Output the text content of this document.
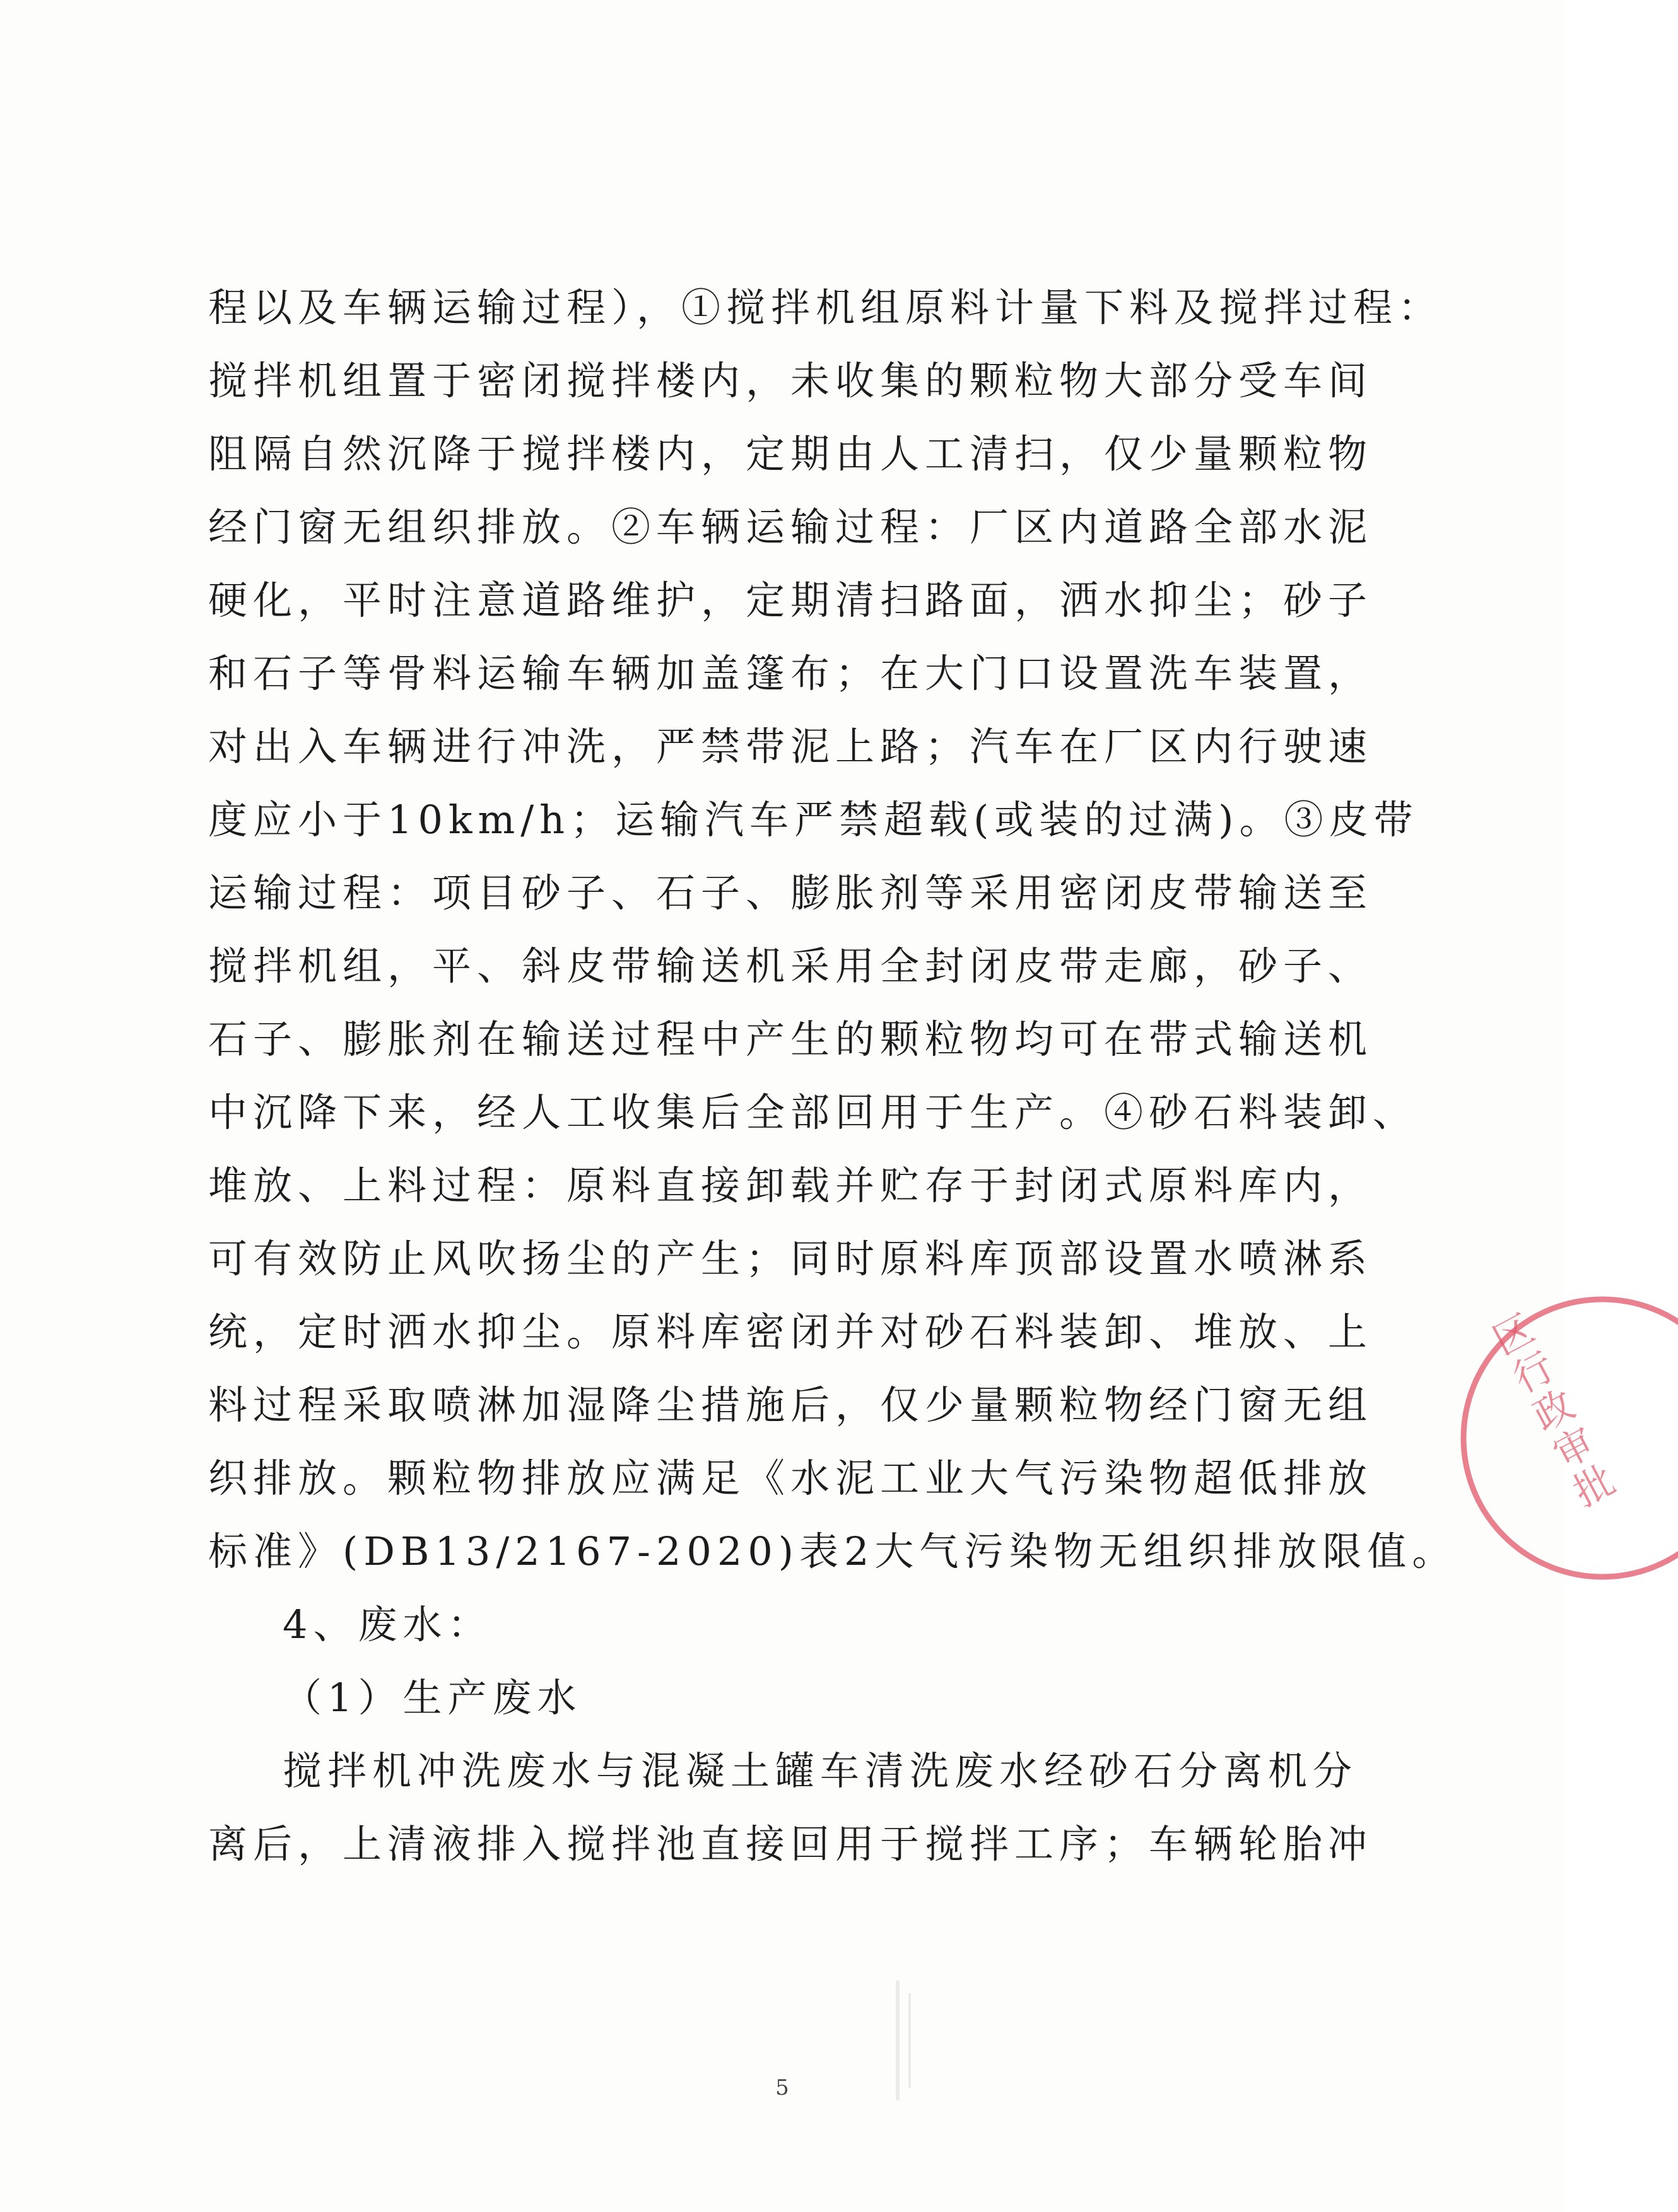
程以及车辆运输过程），①搅拌机组原料计量下料及搅拌过程：
搅拌机组置于密闭搅拌楼内，未收集的颗粒物大部分受车间
阻隔自然沉降于搅拌楼内，定期由人工清扫，仅少量颗粒物
经门窗无组织排放。②车辆运输过程：厂区内道路全部水泥
硬化，平时注意道路维护，定期清扫路面，洒水抑尘；砂子
和石子等骨料运输车辆加盖篷布；在大门口设置洗车装置，
对出入车辆进行冲洗，严禁带泥上路；汽车在厂区内行驶速
度应小于10km/h；运输汽车严禁超载(或装的过满)。③皮带
运输过程：项目砂子、石子、膨胀剂等采用密闭皮带输送至
搅拌机组，平、斜皮带输送机采用全封闭皮带走廊，砂子、
石子、膨胀剂在输送过程中产生的颗粒物均可在带式输送机
中沉降下来，经人工收集后全部回用于生产。④砂石料装卸、
堆放、上料过程：原料直接卸载并贮存于封闭式原料库内，
可有效防止风吹扬尘的产生；同时原料库顶部设置水喷淋系
统，定时洒水抑尘。原料库密闭并对砂石料装卸、堆放、上
料过程采取喷淋加湿降尘措施后，仅少量颗粒物经门窗无组
织排放。颗粒物排放应满足《水泥工业大气污染物超低排放
标准》(DB13/2167-2020)表2大气污染物无组织排放限值。
4、废水：
（1）生产废水
搅拌机冲洗废水与混凝土罐车清洗废水经砂石分离机分
离后，上清液排入搅拌池直接回用于搅拌工序；车辆轮胎冲
区行政审批
5
